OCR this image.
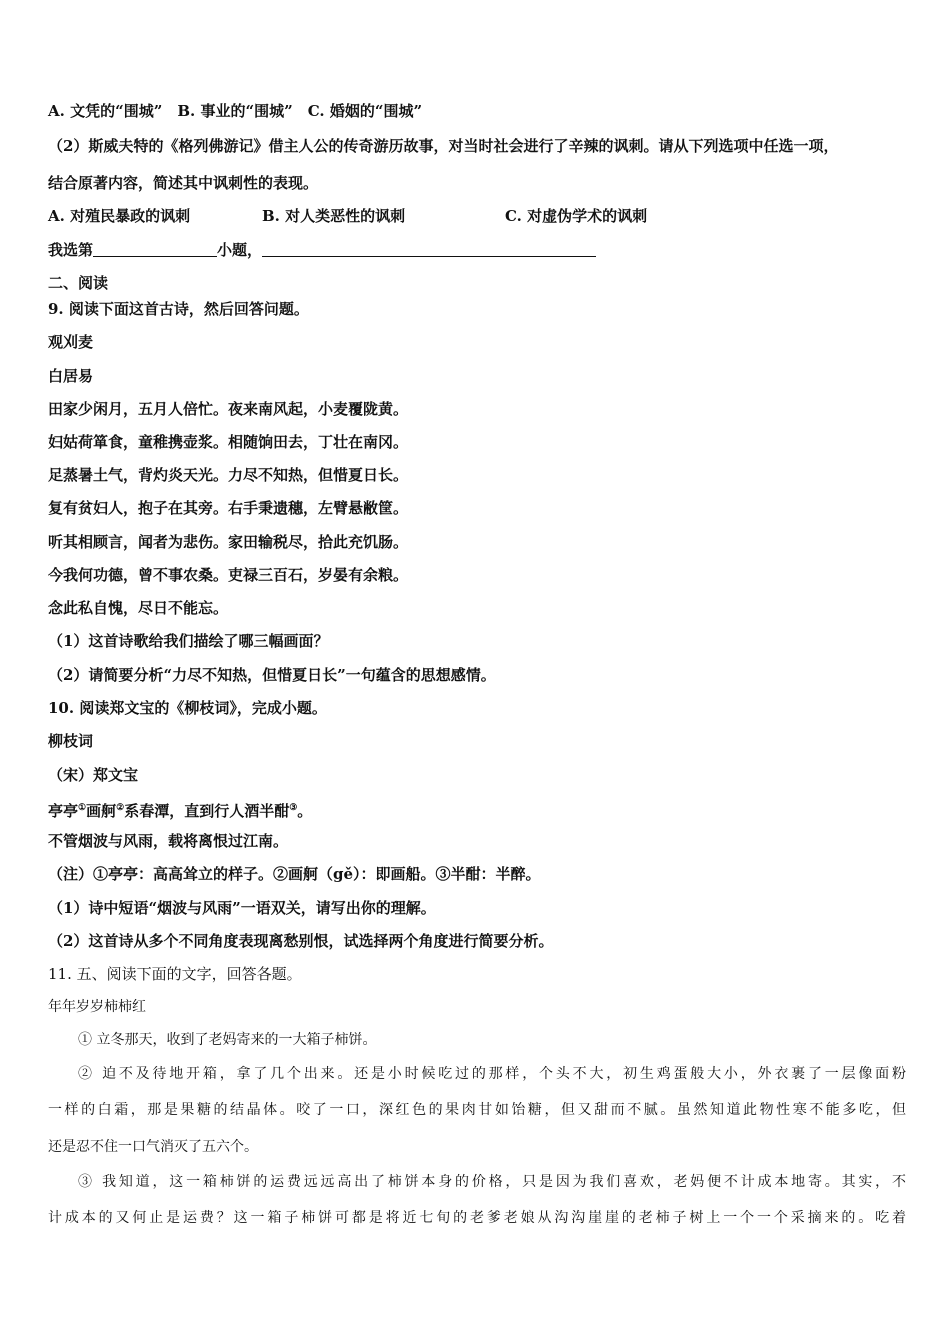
A. 文凭的“围城”　B. 事业的“围城”　C. 婚姻的“围城”
（2）斯威夫特的《格列佛游记》借主人公的传奇游历故事，对当时社会进行了辛辣的讽刺。请从下列选项中任选一项，
结合原著内容，简述其中讽刺性的表现。
A. 对殖民暴政的讽刺	B. 对人类恶性的讽刺	C. 对虚伪学术的讽刺
我选第	小题，
二、阅读
9. 阅读下面这首古诗，然后回答问题。
观刈麦
白居易
田家少闲月，五月人倍忙。夜来南风起，小麦覆陇黄。
妇姑荷箪食，童稚携壶浆。相随饷田去，丁壮在南冈。
足蒸暑土气，背灼炎天光。力尽不知热，但惜夏日长。
复有贫妇人，抱子在其旁。右手秉遗穗，左臂悬敝筐。
听其相顾言，闻者为悲伤。家田输税尽，拾此充饥肠。
今我何功德，曾不事农桑。吏禄三百石，岁晏有余粮。
念此私自愧，尽日不能忘。
（1）这首诗歌给我们描绘了哪三幅画面？
（2）请简要分析“力尽不知热，但惜夏日长”一句蕴含的思想感情。
10. 阅读郑文宝的《柳枝词》，完成小题。
柳枝词
（宋）郑文宝
亭亭①画舸②系春潭，直到行人酒半酣③。
不管烟波与风雨，载将离恨过江南。
（注）①亭亭：高高耸立的样子。②画舸（gě）：即画船。③半酣：半醉。
（1）诗中短语“烟波与风雨”一语双关，请写出你的理解。
（2）这首诗从多个不同角度表现离愁别恨，试选择两个角度进行简要分析。
11. 五、阅读下面的文字，回答各题。
年年岁岁柿柿红
① 立冬那天，收到了老妈寄来的一大箱子柿饼。
② 迫不及待地开箱，拿了几个出来。还是小时候吃过的那样，个头不大，初生鸡蛋般大小，外衣裹了一层像面粉
一样的白霜，那是果糖的结晶体。咬了一口，深红色的果肉甘如饴糖，但又甜而不腻。虽然知道此物性寒不能多吃，但
还是忍不住一口气消灭了五六个。
③ 我知道，这一箱柿饼的运费远远高出了柿饼本身的价格，只是因为我们喜欢，老妈便不计成本地寄。其实，不
计成本的又何止是运费？这一箱子柿饼可都是将近七旬的老爹老娘从沟沟崖崖的老柿子树上一个一个采摘来的。吃着
